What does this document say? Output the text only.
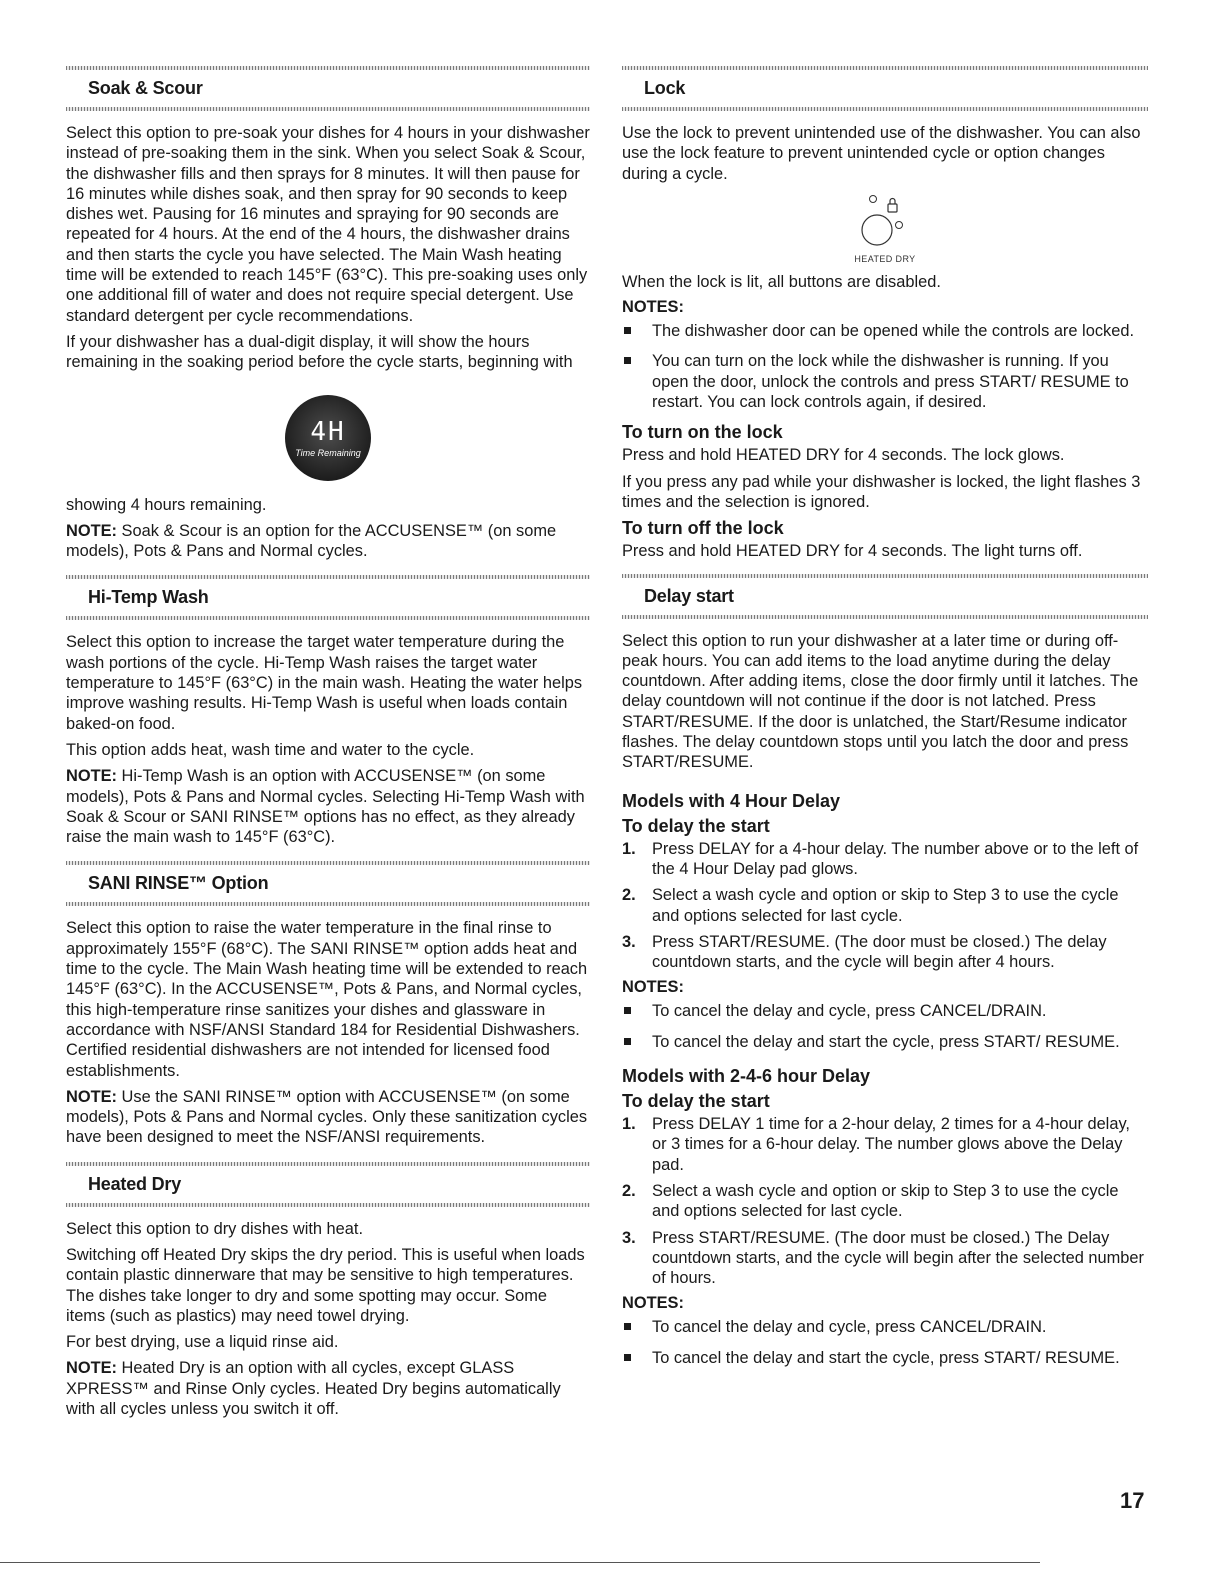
Soak & Scour

Select this option to pre-soak your dishes for 4 hours in your dishwasher instead of pre-soaking them in the sink. When you select Soak & Scour, the dishwasher fills and then sprays for 8 minutes. It will then pause for 16 minutes while dishes soak, and then spray for 90 seconds to keep dishes wet. Pausing for 16 minutes and spraying for 90 seconds are repeated for 4 hours. At the end of the 4 hours, the dishwasher drains and then starts the cycle you have selected. The Main Wash heating time will be extended to reach 145°F (63°C). This pre-soaking uses only one additional fill of water and does not require special detergent. Use standard detergent per cycle recommendations.

If your dishwasher has a dual-digit display, it will show the hours remaining in the soaking period before the cycle starts, beginning with

4H
Time Remaining

showing 4 hours remaining.

NOTE: Soak & Scour is an option for the ACCUSENSE™ (on some models), Pots & Pans and Normal cycles.

Hi-Temp Wash

Select this option to increase the target water temperature during the wash portions of the cycle. Hi-Temp Wash raises the target water temperature to 145°F (63°C) in the main wash. Heating the water helps improve washing results. Hi-Temp Wash is useful when loads contain baked-on food.

This option adds heat, wash time and water to the cycle.

NOTE: Hi-Temp Wash is an option with ACCUSENSE™ (on some models), Pots & Pans and Normal cycles. Selecting Hi-Temp Wash with Soak & Scour or SANI RINSE™ options has no effect, as they already raise the main wash to 145°F (63°C).

SANI RINSE™ Option

Select this option to raise the water temperature in the final rinse to approximately 155°F (68°C). The SANI RINSE™ option adds heat and time to the cycle. The Main Wash heating time will be extended to reach 145°F (63°C). In the ACCUSENSE™, Pots & Pans, and Normal cycles, this high-temperature rinse sanitizes your dishes and glassware in accordance with NSF/ANSI Standard 184 for Residential Dishwashers. Certified residential dishwashers are not intended for licensed food establishments.

NOTE: Use the SANI RINSE™ option with ACCUSENSE™ (on some models), Pots & Pans and Normal cycles. Only these sanitization cycles have been designed to meet the NSF/ANSI requirements.

Heated Dry

Select this option to dry dishes with heat.

Switching off Heated Dry skips the dry period. This is useful when loads contain plastic dinnerware that may be sensitive to high temperatures. The dishes take longer to dry and some spotting may occur. Some items (such as plastics) may need towel drying.

For best drying, use a liquid rinse aid.

NOTE: Heated Dry is an option with all cycles, except GLASS XPRESS™ and Rinse Only cycles. Heated Dry begins automatically with all cycles unless you switch it off.

Lock

Use the lock to prevent unintended use of the dishwasher. You can also use the lock feature to prevent unintended cycle or option changes during a cycle.

HEATED DRY

When the lock is lit, all buttons are disabled.

NOTES:
The dishwasher door can be opened while the controls are locked.
You can turn on the lock while the dishwasher is running. If you open the door, unlock the controls and press START/ RESUME to restart. You can lock controls again, if desired.
To turn on the lock

Press and hold HEATED DRY for 4 seconds. The lock glows.

If you press any pad while your dishwasher is locked, the light flashes 3 times and the selection is ignored.

To turn off the lock

Press and hold HEATED DRY for 4 seconds. The light turns off.

Delay start

Select this option to run your dishwasher at a later time or during off-peak hours. You can add items to the load anytime during the delay countdown. After adding items, close the door firmly until it latches. The delay countdown will not continue if the door is not latched. Press START/RESUME. If the door is unlatched, the Start/Resume indicator flashes. The delay countdown stops until you latch the door and press START/RESUME.

Models with 4 Hour Delay
To delay the start
1. Press DELAY for a 4-hour delay. The number above or to the left of the 4 Hour Delay pad glows.
2. Select a wash cycle and option or skip to Step 3 to use the cycle and options selected for last cycle.
3. Press START/RESUME. (The door must be closed.) The delay countdown starts, and the cycle will begin after 4 hours.
NOTES:
To cancel the delay and cycle, press CANCEL/DRAIN.
To cancel the delay and start the cycle, press START/ RESUME.
Models with 2-4-6 hour Delay
To delay the start
1. Press DELAY 1 time for a 2-hour delay, 2 times for a 4-hour delay, or 3 times for a 6-hour delay. The number glows above the Delay pad.
2. Select a wash cycle and option or skip to Step 3 to use the cycle and options selected for last cycle.
3. Press START/RESUME. (The door must be closed.) The Delay countdown starts, and the cycle will begin after the selected number of hours.
NOTES:
To cancel the delay and cycle, press CANCEL/DRAIN.
To cancel the delay and start the cycle, press START/ RESUME.
17
